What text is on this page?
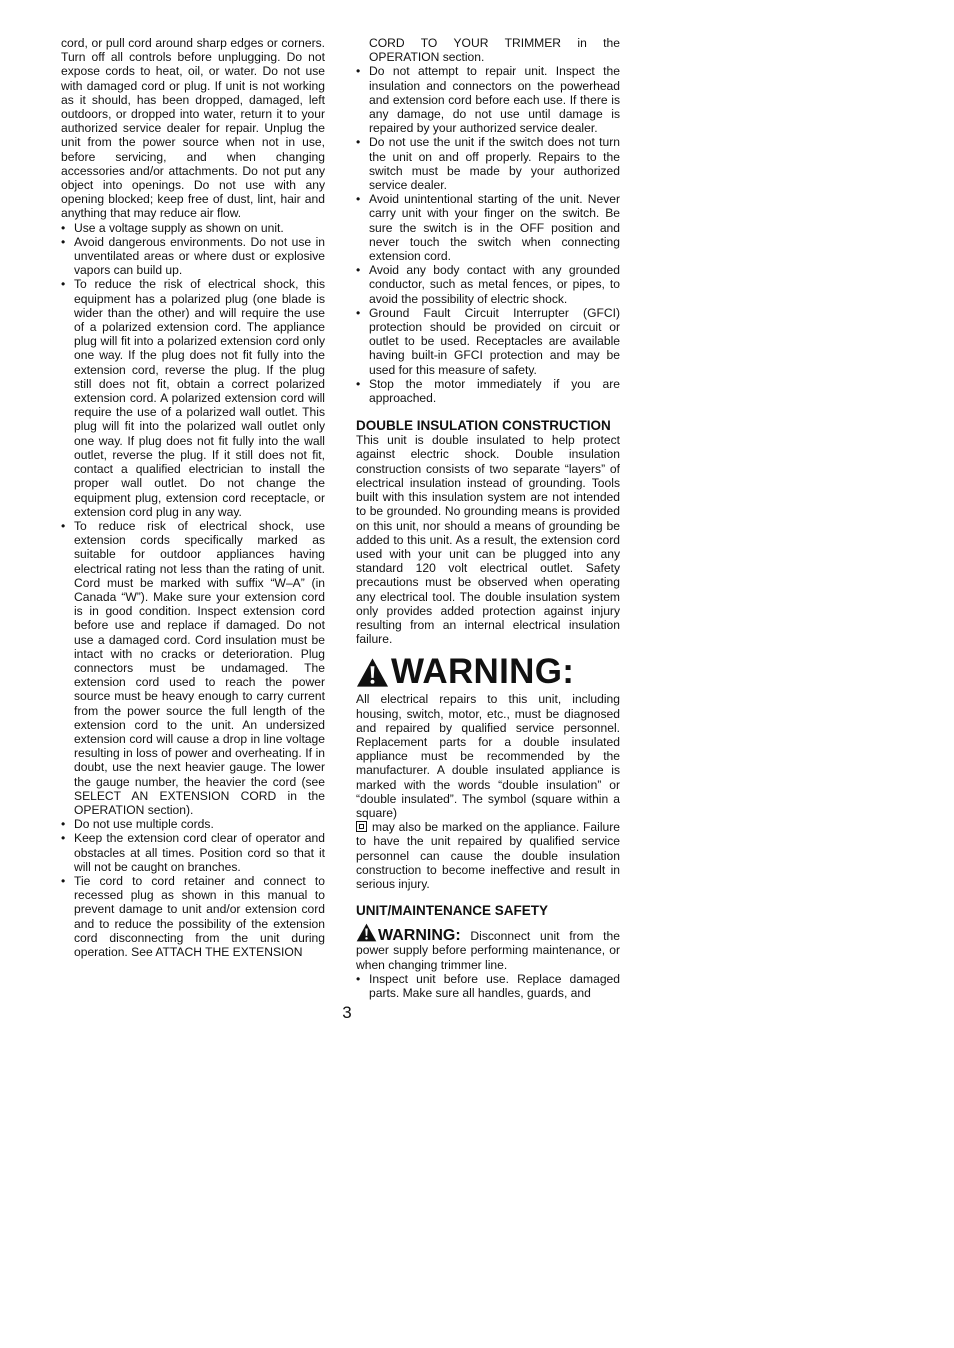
cord, or pull cord around sharp edges or corners. Turn off all controls before unplugging. Do not expose cords to heat, oil, or water. Do not use with damaged cord or plug. If unit is not working as it should, has been dropped, damaged, left outdoors, or dropped into water, return it to your authorized service dealer for repair. Unplug the unit from the power source when not in use, before servicing, and when changing accessories and/or attachments. Do not put any object into openings. Do not use with any opening blocked; keep free of dust, lint, hair and anything that may reduce air flow.

• Use a voltage supply as shown on unit.
• Avoid dangerous environments. Do not use in unventilated areas or where dust or explosive vapors can build up.
• To reduce the risk of electrical shock, this equipment has a polarized plug (one blade is wider than the other) and will require the use of a polarized extension cord. The appliance plug will fit into a polarized extension cord only one way. If the plug does not fit fully into the extension cord, reverse the plug. If the plug still does not fit, obtain a correct polarized extension cord. A polarized extension cord will require the use of a polarized wall outlet. This plug will fit into the polarized wall outlet only one way. If plug does not fit fully into the wall outlet, reverse the plug. If it still does not fit, contact a qualified electrician to install the proper wall outlet. Do not change the equipment plug, extension cord receptacle, or extension cord plug in any way.
• To reduce risk of electrical shock, use extension cords specifically marked as suitable for outdoor appliances having electrical rating not less than the rating of unit. Cord must be marked with suffix “W–A” (in Canada “W”). Make sure your extension cord is in good condition. Inspect extension cord before use and replace if damaged. Do not use a damaged cord. Cord insulation must be intact with no cracks or deterioration. Plug connectors must be undamaged. The extension cord used to reach the power source must be heavy enough to carry current from the power source the full length of the extension cord to the unit. An undersized extension cord will cause a drop in line voltage resulting in loss of power and overheating. If in doubt, use the next heavier gauge. The lower the gauge number, the heavier the cord (see SELECT AN EXTENSION CORD in the OPERATION section).
• Do not use multiple cords.
• Keep the extension cord clear of operator and obstacles at all times. Position cord so that it will not be caught on branches.
• Tie cord to cord retainer and connect to recessed plug as shown in this manual to prevent damage to unit and/or extension cord and to reduce the possibility of the extension cord disconnecting from the unit during operation. See ATTACH THE EXTENSION

CORD TO YOUR TRIMMER in the OPERATION section.

• Do not attempt to repair unit. Inspect the insulation and connectors on the powerhead and extension cord before each use. If there is any damage, do not use until damage is repaired by your authorized service dealer.
• Do not use the unit if the switch does not turn the unit on and off properly. Repairs to the switch must be made by your authorized service dealer.
• Avoid unintentional starting of the unit. Never carry unit with your finger on the switch. Be sure the switch is in the OFF position and never touch the switch when connecting extension cord.
• Avoid any body contact with any grounded conductor, such as metal fences, or pipes, to avoid the possibility of electric shock.
• Ground Fault Circuit Interrupter (GFCI) protection should be provided on circuit or outlet to be used. Receptacles are available having built-in GFCI protection and may be used for this measure of safety.
• Stop the motor immediately if you are approached.
DOUBLE INSULATION CONSTRUCTION

This unit is double insulated to help protect against electric shock. Double insulation construction consists of two separate “layers” of electrical insulation instead of grounding. Tools built with this insulation system are not intended to be grounded. No grounding means is provided on this unit, nor should a means of grounding be added to this unit. As a result, the extension cord used with your unit can be plugged into any standard 120 volt electrical outlet. Safety precautions must be observed when operating any electrical tool. The double insulation system only provides added protection against injury resulting from an internal electrical insulation failure.

WARNING:

All electrical repairs to this unit, including housing, switch, motor, etc., must be diagnosed and repaired by qualified service personnel. Replacement parts for a double insulated appliance must be recommended by the manufacturer. A double insulated appliance is marked with the words “double insulation” or “double insulated”. The symbol (square within a square)
may also be marked on the appliance. Failure to have the unit repaired by qualified service personnel can cause the double insulation construction to become ineffective and result in serious injury.

UNIT/MAINTENANCE SAFETY

WARNING: Disconnect unit from the power supply before performing maintenance, or when changing trimmer line.

• Inspect unit before use. Replace damaged parts. Make sure all handles, guards, and
3
